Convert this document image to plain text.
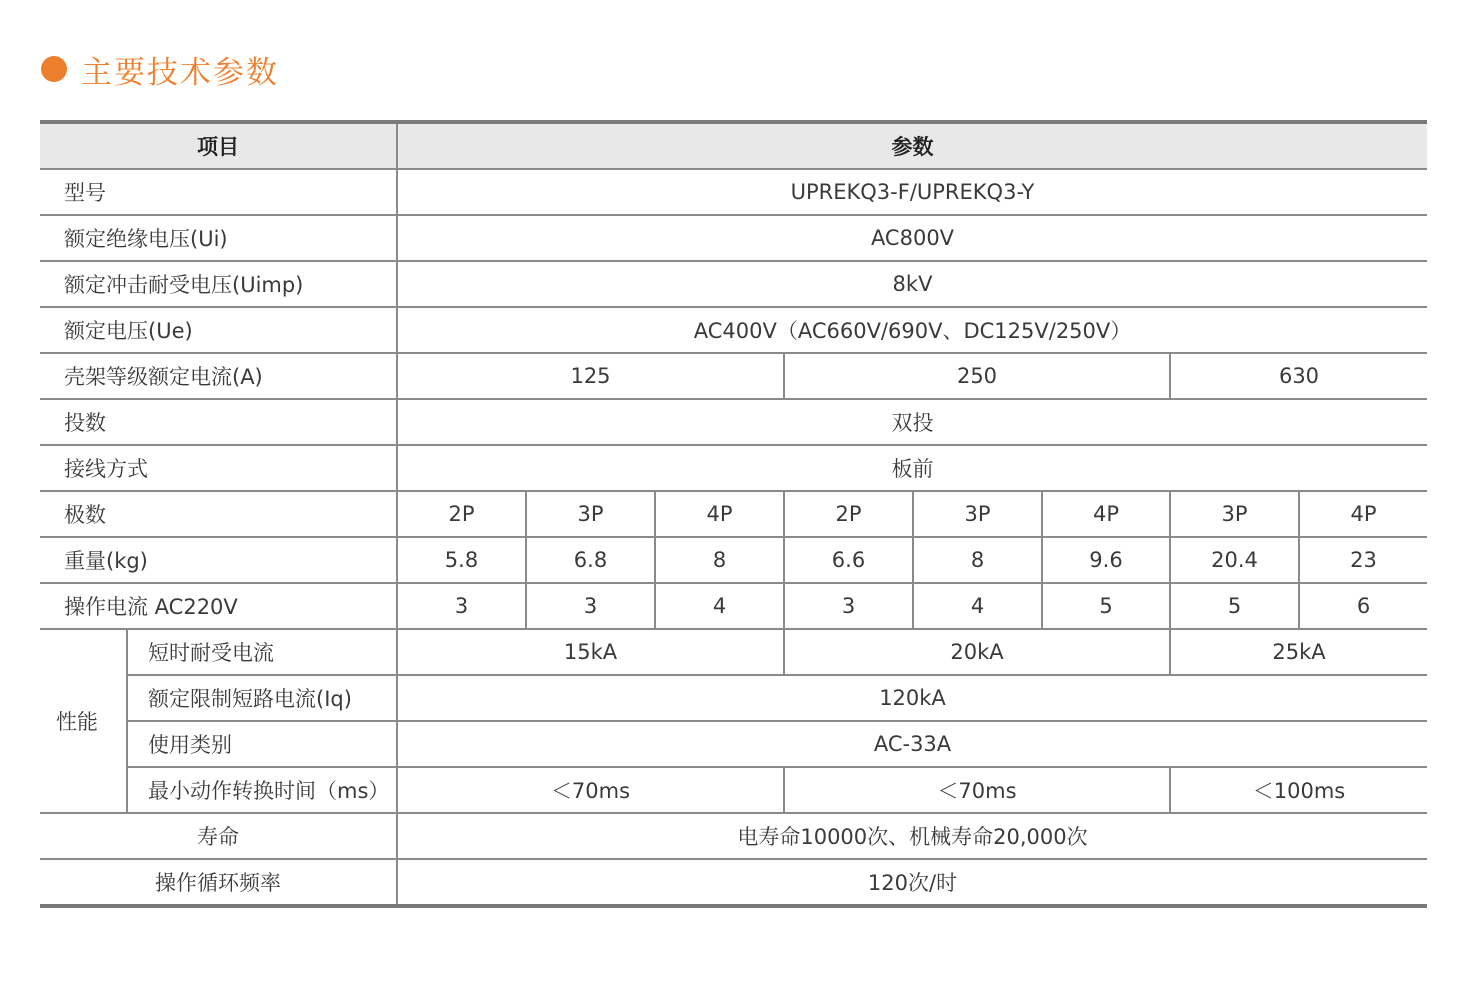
主要技术参数
项目		参数							
型号		UPREKQ3-F/UPREKQ3-Y							
额定绝缘电压(Ui)		AC800V							
额定冲击耐受电压(Uimp)		8kV							
额定电压(Ue)		AC400V（AC660V/690V、DC125V/250V）							
壳架等级额定电流(A)		125			250			630	
投数		双投							
接线方式		板前							
极数		2P	3P	4P	2P	3P	4P	3P	4P
重量(kg)		5.8	6.8	8	6.6	8	9.6	20.4	23
操作电流 AC220V		3	3	4	3	4	5	5	6
性能	短时耐受电流	15kA			20kA			25kA	
	额定限制短路电流(Iq)	120kA							
	使用类别	AC-33A							
	最小动作转换时间（ms）	＜70ms			＜70ms			＜100ms	
寿命		电寿命10000次、机械寿命20,000次							
操作循环频率		120次/时							
